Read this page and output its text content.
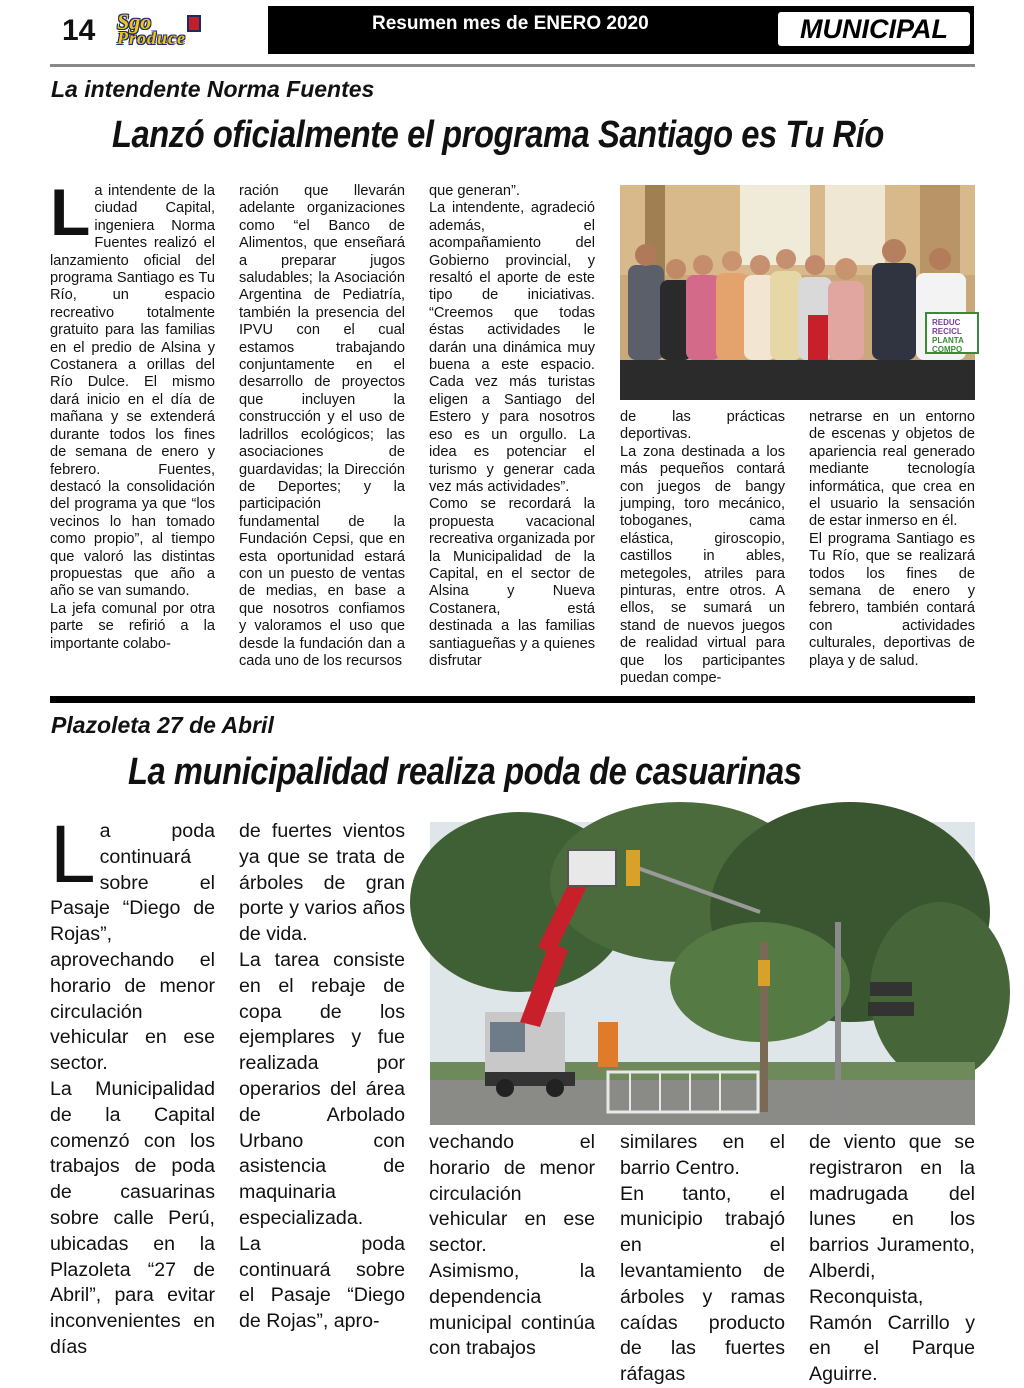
14 Sgo
Produce
Resumen mes de ENERO 2020	MUNICIPAL
La intendente Norma Fuentes
Lanzó oficialmente el programa Santiago es Tu Río
L a intendente de la ciudad Capital, ingeniera Norma Fuentes realizó el lanzamiento oficial del programa Santiago es Tu Río, un espacio recreativo totalmente gratuito para las familias en el predio de Alsina y Costanera a orillas del Río Dulce. El mismo dará inicio en el día de mañana y se extenderá durante todos los fines de semana de enero y febrero. Fuentes, destacó la consolidación del programa ya que “los vecinos lo han tomado como propio”, al tiempo que valoró las distintas propuestas que año a año se van sumando.

La jefa comunal por otra parte se refirió a la importante colabo-

ración que llevarán adelante organizaciones como “el Banco de Alimentos, que enseñará a preparar jugos saludables; la Asociación Argentina de Pediatría, también la presencia del IPVU con el cual estamos trabajando conjuntamente en el desarrollo de proyectos que incluyen la construcción y el uso de ladrillos ecológicos; las asociaciones de guardavidas; la Dirección de Deportes; y la participación fundamental de la Fundación Cepsi, que en esta oportunidad estará con un puesto de ventas de medias, en base a que nosotros confiamos y valoramos el uso que desde la fundación dan a cada uno de los recursos

que generan”.

La intendente, agradeció además, el acompañamiento del Gobierno provincial, y resaltó el aporte de este tipo de iniciativas. “Creemos que todas éstas actividades le darán una dinámica muy buena a este espacio. Cada vez más turistas eligen a Santiago del Estero y para nosotros eso es un orgullo. La idea es potenciar el turismo y generar cada vez más actividades”.

Como se recordará la propuesta vacacional recreativa organizada por la Municipalidad de la Capital, en el sector de Alsina y Nueva Costanera, está destinada a las familias santiagueñas y a quienes disfrutar

REDUC
RECICL
PLANTA
COMPO

de las prácticas deportivas.

La zona destinada a los más pequeños contará con juegos de bangy jumping, toro mecánico, toboganes, cama elástica, giroscopio, castillos in ables, metegoles, atriles para pinturas, entre otros. A ellos, se sumará un stand de nuevos juegos de realidad virtual para que los participantes puedan compe-

netrarse en un entorno de escenas y objetos de apariencia real generado mediante tecnología informática, que crea en el usuario la sensación de estar inmerso en él.

El programa Santiago es Tu Río, que se realizará todos los fines de semana de enero y febrero, también contará con actividades culturales, deportivas de playa y de salud.

Plazoleta 27 de Abril
La municipalidad realiza poda de casuarinas
L a poda continuará sobre el Pasaje “Diego de Rojas”, aprovechando el horario de menor circulación vehicular en ese sector.

La Municipalidad de la Capital comenzó con los trabajos de poda de casuarinas sobre calle Perú, ubicadas en la Plazoleta “27 de Abril”, para evitar inconvenientes en días

de fuertes vientos ya que se trata de árboles de gran porte y varios años de vida.

La tarea consiste en el rebaje de copa de los ejemplares y fue realizada por operarios del área de Arbolado Urbano con asistencia de maquinaria especializada.

La poda continuará sobre el Pasaje “Diego de Rojas”, apro-

vechando el horario de menor circulación vehicular en ese sector.

Asimismo, la dependencia municipal continúa con trabajos

similares en el barrio Centro.

En tanto, el municipio trabajó en el levantamiento de árboles y ramas caídas producto de las fuertes ráfagas

de viento que se registraron en la madrugada del lunes en los barrios Juramento, Alberdi, Reconquista, Ramón Carrillo y en el Parque Aguirre.
